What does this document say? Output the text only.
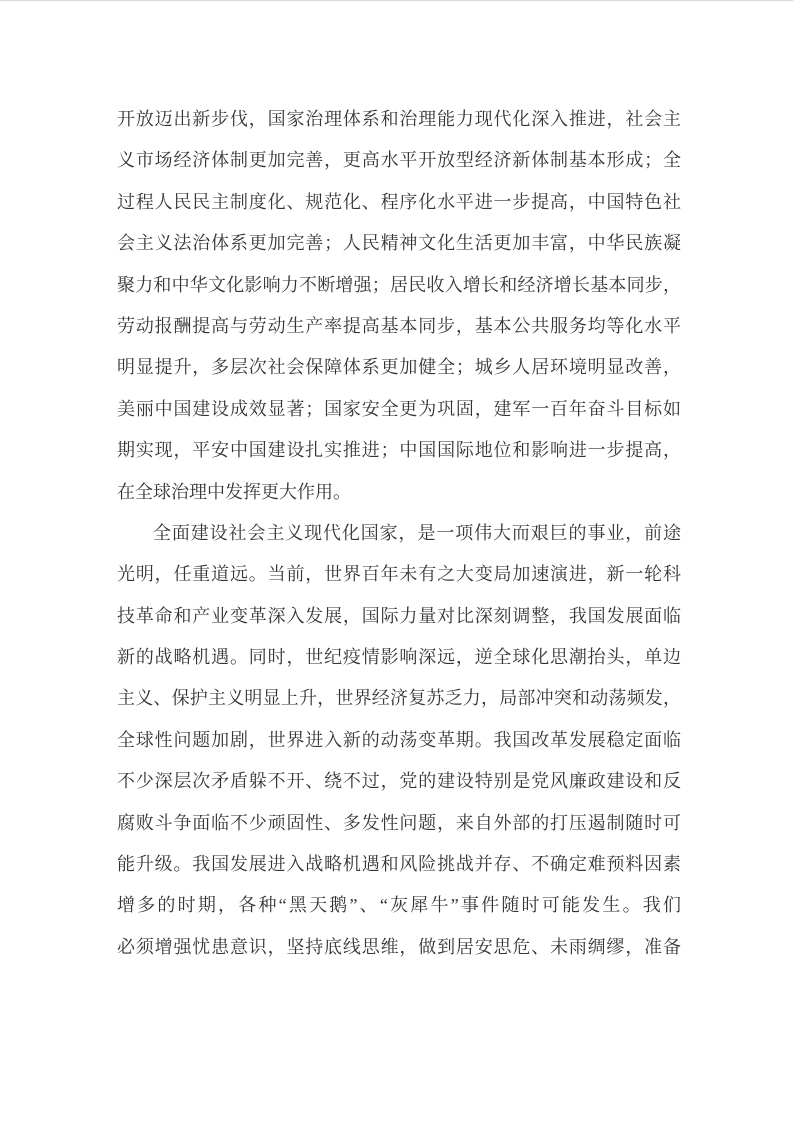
开放迈出新步伐，国家治理体系和治理能力现代化深入推进，社会主
义市场经济体制更加完善，更高水平开放型经济新体制基本形成；全
过程人民民主制度化、规范化、程序化水平进一步提高，中国特色社
会主义法治体系更加完善；人民精神文化生活更加丰富，中华民族凝
聚力和中华文化影响力不断增强；居民收入增长和经济增长基本同步，
劳动报酬提高与劳动生产率提高基本同步，基本公共服务均等化水平
明显提升，多层次社会保障体系更加健全；城乡人居环境明显改善，
美丽中国建设成效显著；国家安全更为巩固，建军一百年奋斗目标如
期实现，平安中国建设扎实推进；中国国际地位和影响进一步提高，
在全球治理中发挥更大作用。
全面建设社会主义现代化国家，是一项伟大而艰巨的事业，前途
光明，任重道远。当前，世界百年未有之大变局加速演进，新一轮科
技革命和产业变革深入发展，国际力量对比深刻调整，我国发展面临
新的战略机遇。同时，世纪疫情影响深远，逆全球化思潮抬头，单边
主义、保护主义明显上升，世界经济复苏乏力，局部冲突和动荡频发，
全球性问题加剧，世界进入新的动荡变革期。我国改革发展稳定面临
不少深层次矛盾躲不开、绕不过，党的建设特别是党风廉政建设和反
腐败斗争面临不少顽固性、多发性问题，来自外部的打压遏制随时可
能升级。我国发展进入战略机遇和风险挑战并存、不确定难预料因素
增多的时期，各种“黑天鹅”、“灰犀牛”事件随时可能发生。我们
必须增强忧患意识，坚持底线思维，做到居安思危、未雨绸缪，准备
